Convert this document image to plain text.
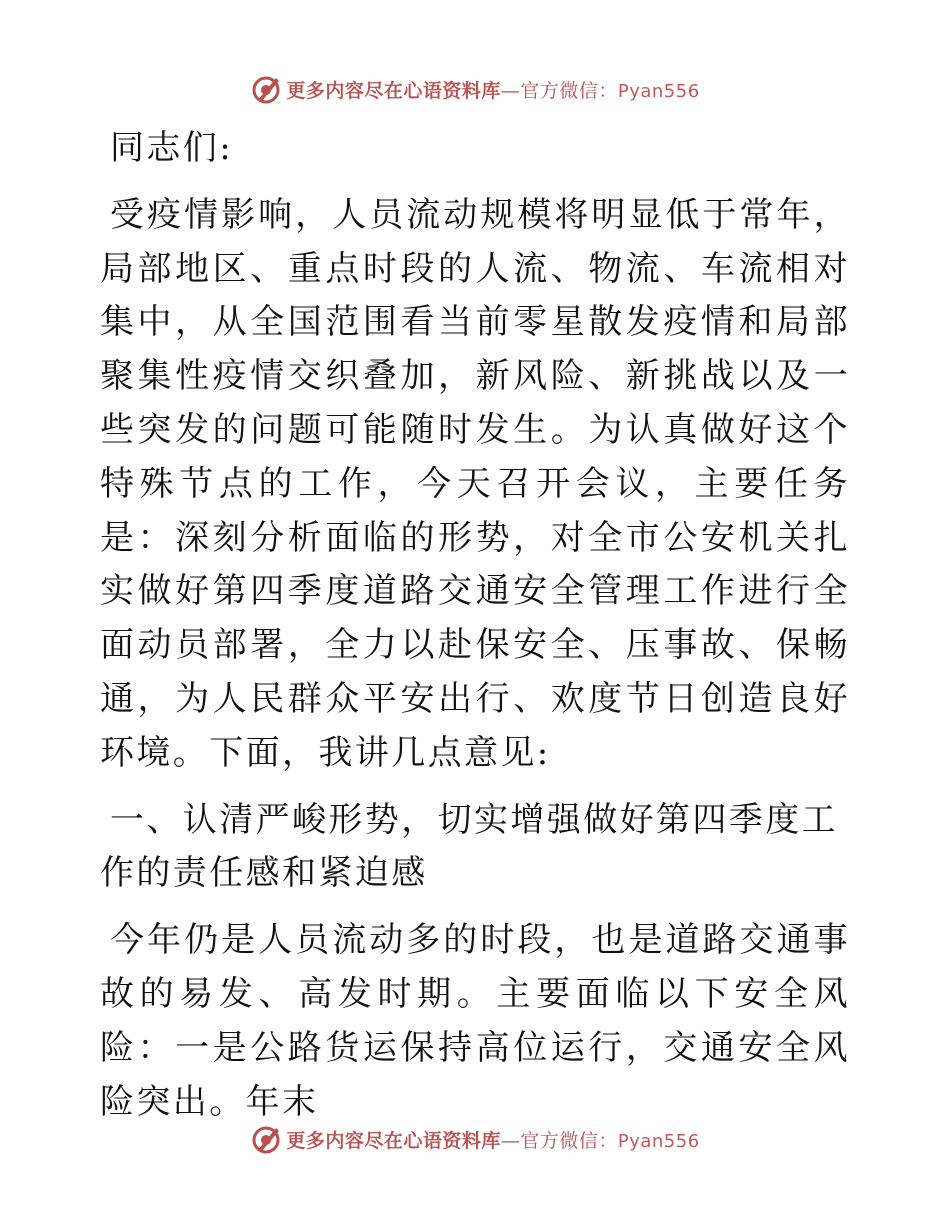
更多内容尽在心语资料库—官方微信：Pyan556

同志们:

受疫情影响，人员流动规模将明显低于常年，局部地区、重点时段的人流、物流、车流相对集中，从全国范围看当前零星散发疫情和局部聚集性疫情交织叠加，新风险、新挑战以及一些突发的问题可能随时发生。为认真做好这个特殊节点的工作，今天召开会议，主要任务是：深刻分析面临的形势，对全市公安机关扎实做好第四季度道路交通安全管理工作进行全面动员部署，全力以赴保安全、压事故、保畅通，为人民群众平安出行、欢度节日创造良好环境。下面，我讲几点意见:

一、认清严峻形势，切实增强做好第四季度工作的责任感和紧迫感

今年仍是人员流动多的时段，也是道路交通事故的易发、高发时期。主要面临以下安全风险：一是公路货运保持高位运行，交通安全风险突出。年末

更多内容尽在心语资料库—官方微信：Pyan556
